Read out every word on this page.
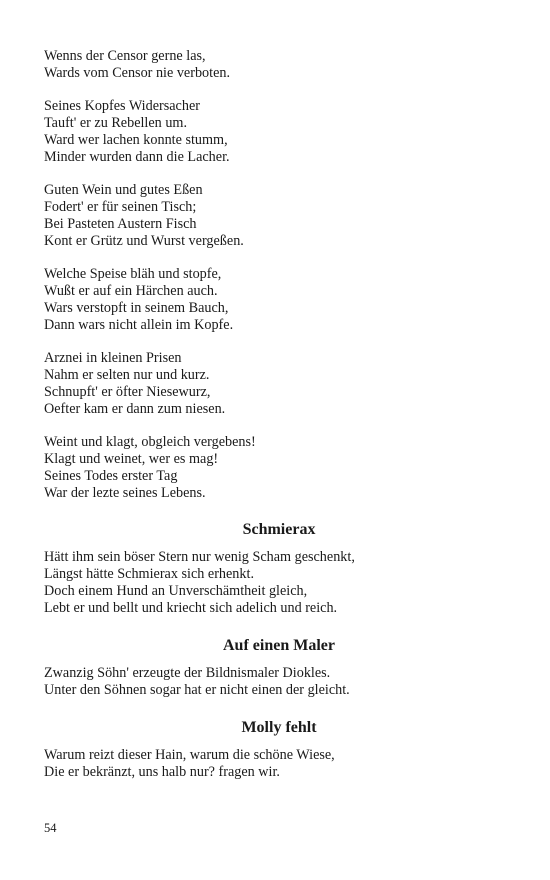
Wenns der Censor gerne las,
Wards vom Censor nie verboten.
Seines Kopfes Widersacher
Tauft' er zu Rebellen um.
Ward wer lachen konnte stumm,
Minder wurden dann die Lacher.
Guten Wein und gutes Eßen
Fodert' er für seinen Tisch;
Bei Pasteten Austern Fisch
Kont er Grütz und Wurst vergeßen.
Welche Speise bläh und stopfe,
Wußt er auf ein Härchen auch.
Wars verstopft in seinem Bauch,
Dann wars nicht allein im Kopfe.
Arznei in kleinen Prisen
Nahm er selten nur und kurz.
Schnupft' er öfter Niesewurz,
Oefter kam er dann zum niesen.
Weint und klagt, obgleich vergebens!
Klagt und weinet, wer es mag!
Seines Todes erster Tag
War der lezte seines Lebens.
Schmierax
Hätt ihm sein böser Stern nur wenig Scham geschenkt,
Längst hätte Schmierax sich erhenkt.
Doch einem Hund an Unverschämtheit gleich,
Lebt er und bellt und kriecht sich adelich und reich.
Auf einen Maler
Zwanzig Söhn' erzeugte der Bildnismaler Diokles.
Unter den Söhnen sogar hat er nicht einen der gleicht.
Molly fehlt
Warum reizt dieser Hain, warum die schöne Wiese,
Die er bekränzt, uns halb nur? fragen wir.
54
